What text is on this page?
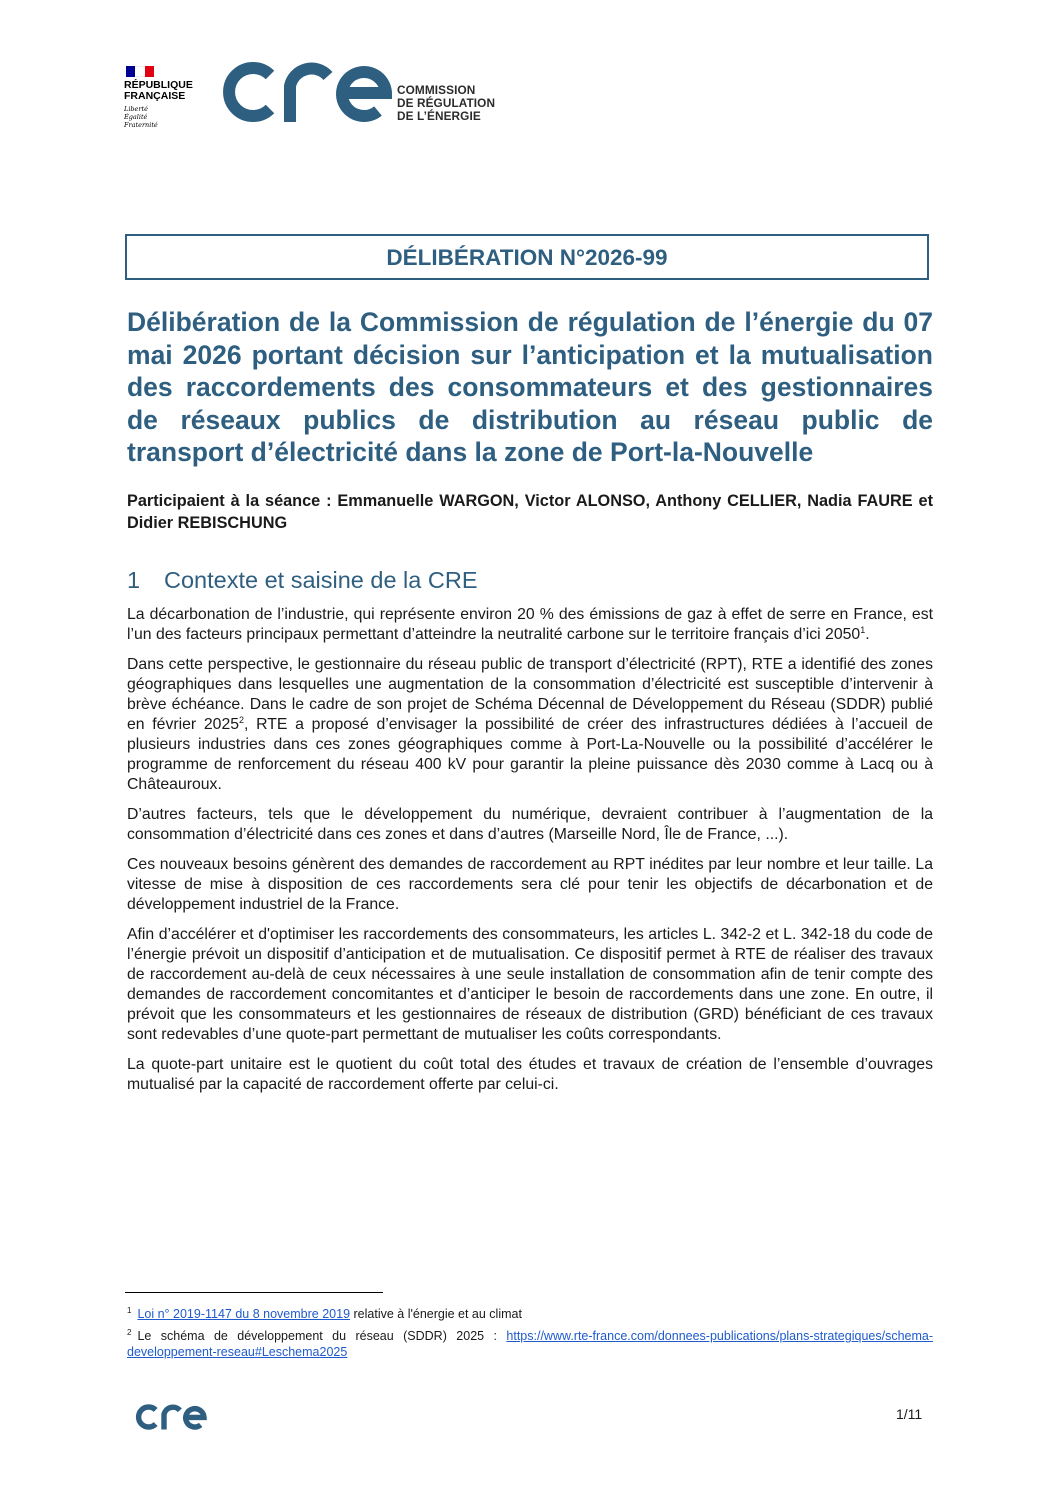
RÉPUBLIQUE
FRANÇAISE
Liberté
Égalité
Fraternité
COMMISSION
DE RÉGULATION
DE L’ÉNERGIE
DÉLIBÉRATION N°2026-99
Délibération de la Commission de régulation de l’énergie du 07 mai 2026 portant décision sur l’anticipation et la mutualisation des raccordements des consommateurs et des gestionnaires de réseaux publics de distribution au réseau public de transport d’électricité dans la zone de Port-la-Nouvelle

Participaient à la séance : Emmanuelle WARGON, Victor ALONSO, Anthony CELLIER, Nadia FAURE et Didier REBISCHUNG

1 Contexte et saisine de la CRE

La décarbonation de l’industrie, qui représente environ 20 % des émissions de gaz à effet de serre en France, est l’un des facteurs principaux permettant d’atteindre la neutralité carbone sur le territoire français d’ici 2050$^1$.

Dans cette perspective, le gestionnaire du réseau public de transport d’électricité (RPT), RTE a identifié des zones géographiques dans lesquelles une augmentation de la consommation d’électricité est susceptible d’intervenir à brève échéance. Dans le cadre de son projet de Schéma Décennal de Développement du Réseau (SDDR) publié en février 2025$^2$, RTE a proposé d’envisager la possibilité de créer des infrastructures dédiées à l’accueil de plusieurs industries dans ces zones géographiques comme à Port-La-Nouvelle ou la possibilité d’accélérer le programme de renforcement du réseau 400 kV pour garantir la pleine puissance dès 2030 comme à Lacq ou à Châteauroux.

D’autres facteurs, tels que le développement du numérique, devraient contribuer à l’augmentation de la consommation d’électricité dans ces zones et dans d’autres (Marseille Nord, Île de France, ...).

Ces nouveaux besoins génèrent des demandes de raccordement au RPT inédites par leur nombre et leur taille. La vitesse de mise à disposition de ces raccordements sera clé pour tenir les objectifs de décarbonation et de développement industriel de la France.

Afin d’accélérer et d'optimiser les raccordements des consommateurs, les articles L. 342-2 et L. 342-18 du code de l’énergie prévoit un dispositif d’anticipation et de mutualisation. Ce dispositif permet à RTE de réaliser des travaux de raccordement au-delà de ceux nécessaires à une seule installation de consommation afin de tenir compte des demandes de raccordement concomitantes et d’anticiper le besoin de raccordements dans une zone. En outre, il prévoit que les consommateurs et les gestionnaires de réseaux de distribution (GRD) bénéficiant de ces travaux sont redevables d’une quote-part permettant de mutualiser les coûts correspondants.

La quote-part unitaire est le quotient du coût total des études et travaux de création de l’ensemble d’ouvrages mutualisé par la capacité de raccordement offerte par celui-ci.

$^1$ Loi n° 2019-1147 du 8 novembre 2019 relative à l'énergie et au climat

$^2$ Le schéma de développement du réseau (SDDR) 2025 : https://www.rte-france.com/donnees-publications/plans-strategiques/schema-developpement-reseau#Leschema2025

1/11
